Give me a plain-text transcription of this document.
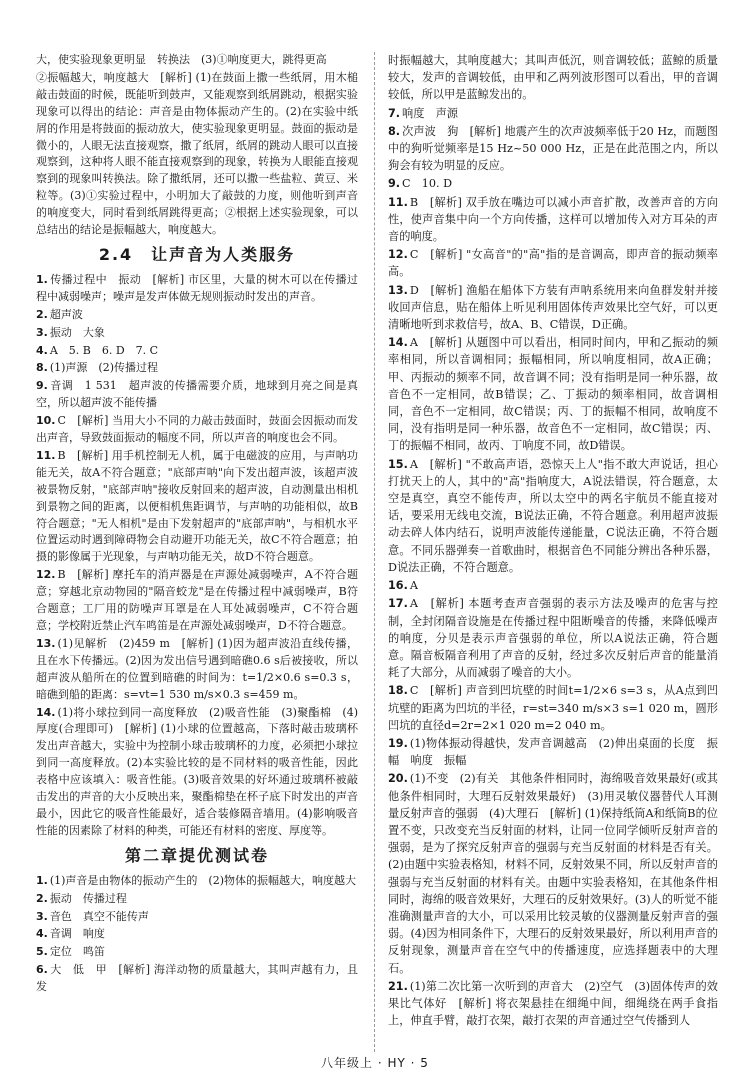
大，使实验现象更明显　转换法　(3)①响度更大，跳得更高

②振幅越大，响度越大　[解析] (1)在鼓面上撒一些纸屑，用木槌敲击鼓面的时候，既能听到鼓声，又能观察到纸屑跳动，根据实验现象可以得出的结论：声音是由物体振动产生的。(2)在实验中纸屑的作用是将鼓面的振动放大，使实验现象更明显。鼓面的振动是微小的，人眼无法直接观察，撒了纸屑，纸屑的跳动人眼可以直接观察到，这种将人眼不能直接观察到的现象，转换为人眼能直接观察到的现象叫转换法。除了撒纸屑，还可以撒一些盐粒、黄豆、米粒等。(3)①实验过程中，小明加大了敲鼓的力度，则他听到声音的响度变大，同时看到纸屑跳得更高；②根据上述实验现象，可以总结出的结论是振幅越大，响度越大。

2.4　让声音为人类服务

1. 传播过程中　振动　[解析] 市区里，大量的树木可以在传播过程中减弱噪声；噪声是发声体做无规则振动时发出的声音。

2. 超声波

3. 振动　大象

4. A　5. B　6. D　7. C

8. (1)声源　(2)传播过程

9. 音调　1 531　超声波的传播需要介质，地球到月亮之间是真空，所以超声波不能传播

10. C　[解析] 当用大小不同的力敲击鼓面时，鼓面会因振动而发出声音，导致鼓面振动的幅度不同，所以声音的响度也会不同。

11. B　[解析] 用手机控制无人机，属于电磁波的应用，与声呐功能无关，故A不符合题意；"底部声呐"向下发出超声波，该超声波被景物反射，"底部声呐"接收反射回来的超声波，自动测量出相机到景物之间的距离，以便相机焦距调节，与声呐的功能相似，故B符合题意；"无人相机"是由下发射超声的"底部声呐"，与相机水平位置运动时遇到障碍物会自动避开功能无关，故C不符合题意；拍摄的影像属于光现象，与声呐功能无关，故D不符合题意。

12. B　[解析] 摩托车的消声器是在声源处减弱噪声，A不符合题意；穿越北京动物园的"隔音蛟龙"是在传播过程中减弱噪声，B符合题意；工厂用的防噪声耳罩是在人耳处减弱噪声，C不符合题意；学校附近禁止汽车鸣笛是在声源处减弱噪声，D不符合题意。

13. (1)见解析　(2)459 m　[解析] (1)因为超声波沿直线传播，且在水下传播远。(2)因为发出信号遇到暗礁0.6 s后被接收，所以超声波从船所在的位置到暗礁的时间为：t=1/2×0.6 s=0.3 s，暗礁到船的距离：s=vt=1 530 m/s×0.3 s=459 m。

14. (1)将小球拉到同一高度释放　(2)吸音性能　(3)聚酯棉　(4)厚度(合理即可)　[解析] (1)小球的位置越高，下落时敲击玻璃杯发出声音越大，实验中为控制小球击玻璃杯的力度，必须把小球拉到同一高度释放。(2)本实验比较的是不同材料的吸音性能，因此表格中应该填入：吸音性能。(3)吸音效果的好坏通过玻璃杯被敲击发出的声音的大小反映出来，聚酯棉垫在杯子底下时发出的声音最小，因此它的吸音性能最好，适合装修隔音墙用。(4)影响吸音性能的因素除了材料的种类，可能还有材料的密度、厚度等。

第二章提优测试卷

1. (1)声音是由物体的振动产生的　(2)物体的振幅越大，响度越大

2. 振动　传播过程

3. 音色　真空不能传声

4. 音调　响度

5. 定位　鸣笛

6. 大　低　甲　[解析] 海洋动物的质量越大，其叫声越有力，且发

时振幅越大，其响度越大；其叫声低沉，则音调较低；蓝鲸的质量较大，发声的音调较低，由甲和乙两列波形图可以看出，甲的音调较低，所以甲是蓝鲸发出的。

7. 响度　声源

8. 次声波　狗　[解析] 地震产生的次声波频率低于20 Hz，而题图中的狗听觉频率是15 Hz~50 000 Hz，正是在此范围之内，所以狗会有较为明显的反应。

9. C　10. D

11. B　[解析] 双手放在嘴边可以减小声音扩散，改善声音的方向性，使声音集中向一个方向传播，这样可以增加传入对方耳朵的声音的响度。

12. C　[解析] "女高音"的"高"指的是音调高，即声音的振动频率高。

13. D　[解析] 渔船在船体下方装有声呐系统用来向鱼群发射并接收回声信息，贴在船体上听见利用固体传声效果比空气好，可以更清晰地听到求救信号，故A、B、C错误，D正确。

14. A　[解析] 从题图中可以看出，相同时间内，甲和乙振动的频率相同，所以音调相同；振幅相同，所以响度相同，故A正确；甲、丙振动的频率不同，故音调不同；没有指明是同一种乐器，故音色不一定相同，故B错误；乙、丁振动的频率相同，故音调相同，音色不一定相同，故C错误；丙、丁的振幅不相同，故响度不同，没有指明是同一种乐器，故音色不一定相同，故C错误；丙、丁的振幅不相同，故丙、丁响度不同，故D错误。

15. A　[解析] "不敢高声语，恐惊天上人"指不敢大声说话，担心打扰天上的人，其中的"高"指响度大，A说法错误，符合题意，太空是真空，真空不能传声，所以太空中的两名宇航员不能直接对话，要采用无线电交流，B说法正确，不符合题意。利用超声波振动去碎人体内结石，说明声波能传递能量，C说法正确，不符合题意。不同乐器弹奏一首歌曲时，根据音色不同能分辨出各种乐器，D说法正确，不符合题意。

16. A

17. A　[解析] 本题考查声音强弱的表示方法及噪声的危害与控制，全封闭隔音设施是在传播过程中阻断噪音的传播，来降低噪声的响度，分贝是表示声音强弱的单位，所以A说法正确，符合题意。隔音板隔音利用了声音的反射，经过多次反射后声音的能量消耗了大部分，从而减弱了噪音的大小。

18. C　[解析] 声音到凹坑壁的时间t=1/2×6 s=3 s，从A点到凹坑壁的距离为凹坑的半径，r=st=340 m/s×3 s=1 020 m，圆形凹坑的直径d=2r=2×1 020 m=2 040 m。

19. (1)物体振动得越快，发声音调越高　(2)伸出桌面的长度　振幅　响度　振幅

20. (1)不变　(2)有关　其他条件相同时，海绵吸音效果最好(或其他条件相同时，大理石反射效果最好)　(3)用灵敏仪器替代人耳测量反射声音的强弱　(4)大理石　[解析] (1)保持纸筒A和纸筒B的位置不变，只改变充当反射面的材料，让同一位同学倾听反射声音的强弱，是为了探究反射声音的强弱与充当反射面的材料是否有关。(2)由题中实验表格知，材料不同，反射效果不同，所以反射声音的强弱与充当反射面的材料有关。由题中实验表格知，在其他条件相同时，海绵的吸音效果好，大理石的反射效果好。(3)人的听觉不能准确测量声音的大小，可以采用比较灵敏的仪器测量反射声音的强弱。(4)因为相同条件下，大理石的反射效果最好，所以利用声音的反射现象，测量声音在空气中的传播速度，应选择题表中的大理石。

21. (1)第二次比第一次听到的声音大　(2)空气　(3)固体传声的效果比气体好　[解析] 将衣架悬挂在细绳中间，细绳绕在两手食指上，伸直手臂，敲打衣架，敲打衣架的声音通过空气传播到人

八年级上 · HY · 5
